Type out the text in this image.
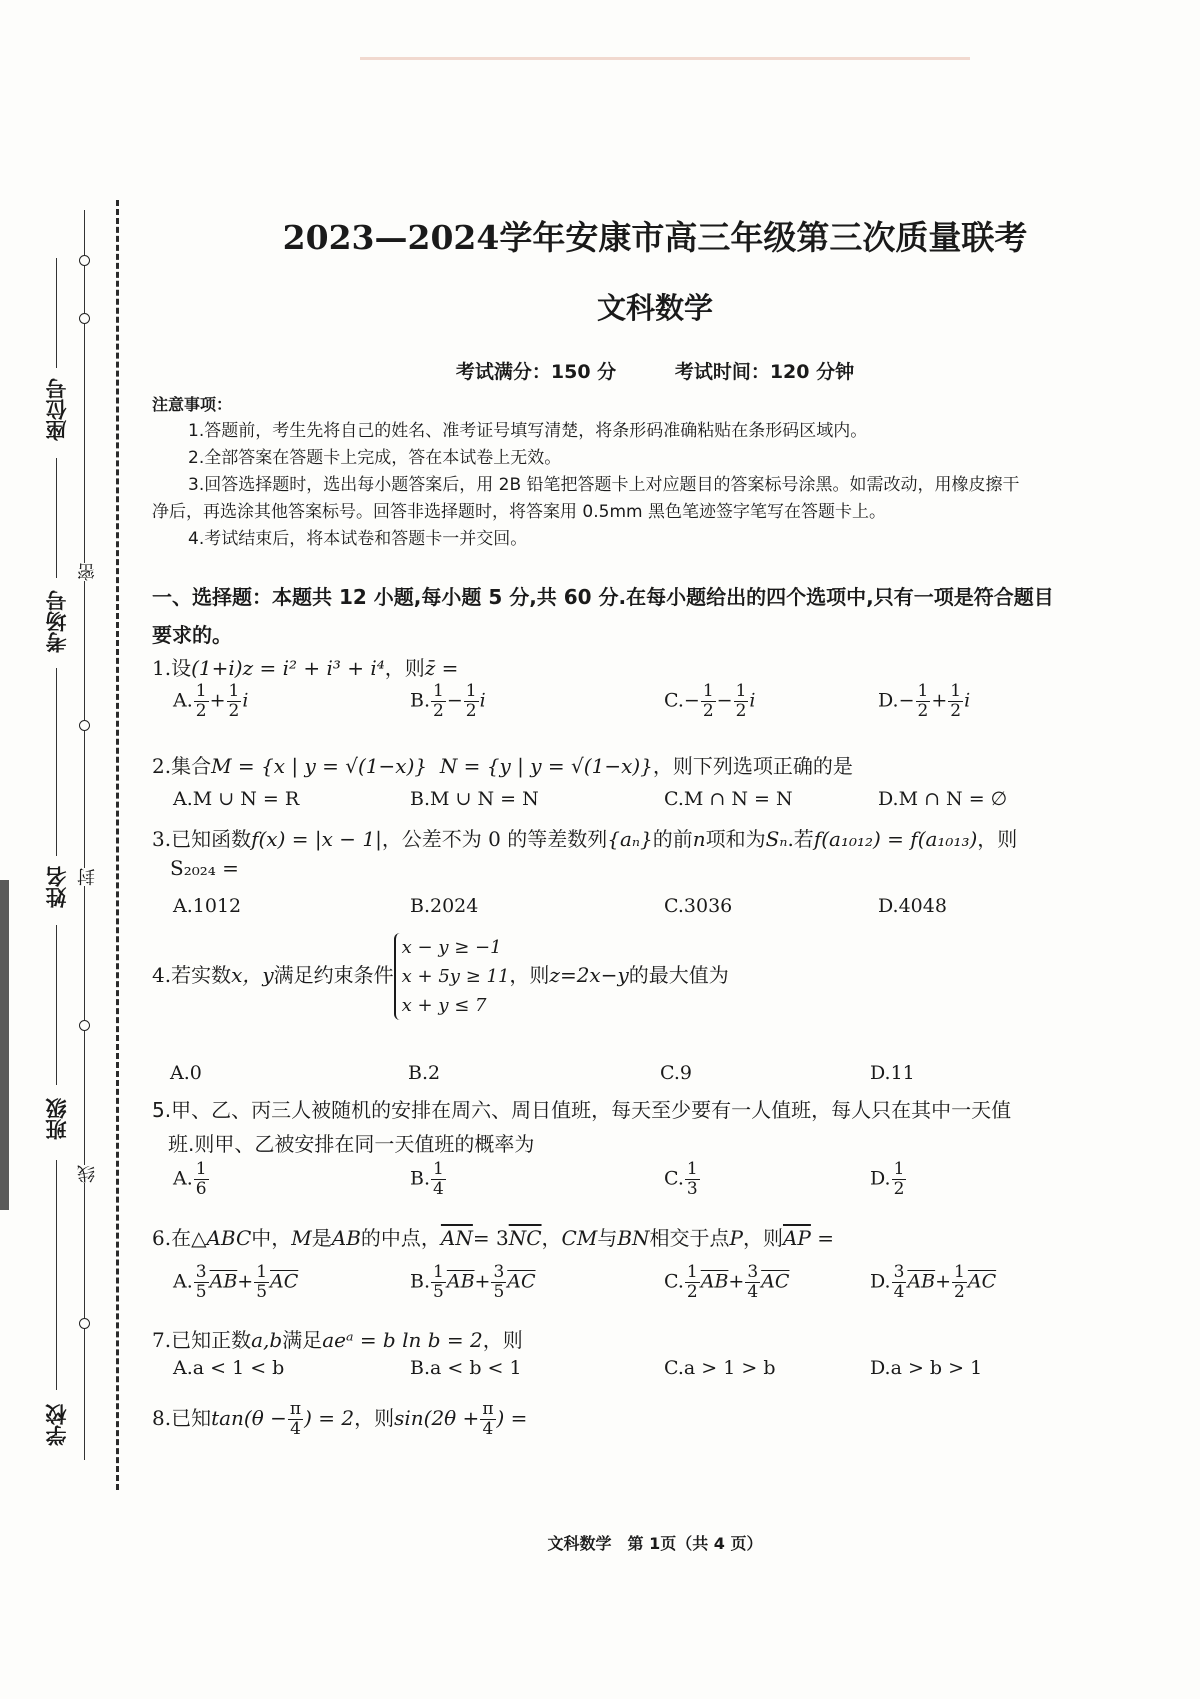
座位号
考场号
姓名
班级
学校
密
封
线
2023—2024学年安康市高三年级第三次质量联考
文科数学
考试满分：150 分	考试时间：120 分钟
注意事项：
1.答题前，考生先将自己的姓名、准考证号填写清楚，将条形码准确粘贴在条形码区域内。
2.全部答案在答题卡上完成，答在本试卷上无效。
3.回答选择题时，选出每小题答案后，用 2B 铅笔把答题卡上对应题目的答案标号涂黑。如需改动，用橡皮擦干
净后，再选涂其他答案标号。回答非选择题时，将答案用 0.5mm 黑色笔迹签字笔写在答题卡上。
4.考试结束后，将本试卷和答题卡一并交回。
一、选择题：本题共 12 小题,每小题 5 分,共 60 分.在每小题给出的四个选项中,只有一项是符合题目
要求的。
1.设(1+i)z = i² + i³ + i⁴，则z̄ =
A. $\frac{1}{2} + \frac{1}{2}$ i	B. $\frac{1}{2} - \frac{1}{2}$ i	$C.- \frac{1}{2} - \frac{1}{2}$ i	$D.- \frac{1}{2} + \frac{1}{2}$ i
2.集合M = {x | y = √(1−x)} N = {y | y = √(1−x)}，则下列选项正确的是
A.M ∪ N = R	B.M ∪ N = N	C.M ∩ N = N	D.M ∩ N = ∅
3.已知函数f(x) = |x − 1|，公差不为 0 的等差数列{aₙ}的前n项和为Sₙ.若f(a₁₀₁₂) = f(a₁₀₁₃)，则
S₂₀₂₄ =
A.1012	B.2024	C.3036	D.4048
4.若实数x，y满足约束条件
x − y ≥ −1
x + 5y ≥ 11
x + y ≤ 7
，则z=2x−y的最大值为
A.0	B.2	C.9	D.11
5.甲、乙、丙三人被随机的安排在周六、周日值班，每天至少要有一人值班，每人只在其中一天值
班.则甲、乙被安排在同一天值班的概率为
A. $\frac{1}{6}$	B. $\frac{1}{4}$	C. $\frac{1}{3}$	D. $\frac{1}{2}$
6.在△ABC中，M是AB的中点，$\overline{AN}= 3\overline{NC}$，CM与BN相交于点P，则$\overline{AP}$ =
A. $\frac{3}{5} \overline{AB}+ \frac{1}{5} \overline{AC}$	B. $\frac{1}{5} \overline{AB}+ \frac{3}{5} \overline{AC}$	C. $\frac{1}{2} \overline{AB}+ \frac{3}{4} \overline{AC}$	D. $\frac{3}{4} \overline{AB}+ \frac{1}{2} \overline{AC}$
7.已知正数a,b满足aeᵃ = b ln b = 2，则
A.a < 1 < b	B.a < b < 1	C.a > 1 > b	D.a > b > 1
8.已知$\tan(\theta - \frac{\pi}{4}$ ) = 2，则$\sin(2\theta + \frac{\pi}{4}$ ) =
文科数学　第 1页（共 4 页）
